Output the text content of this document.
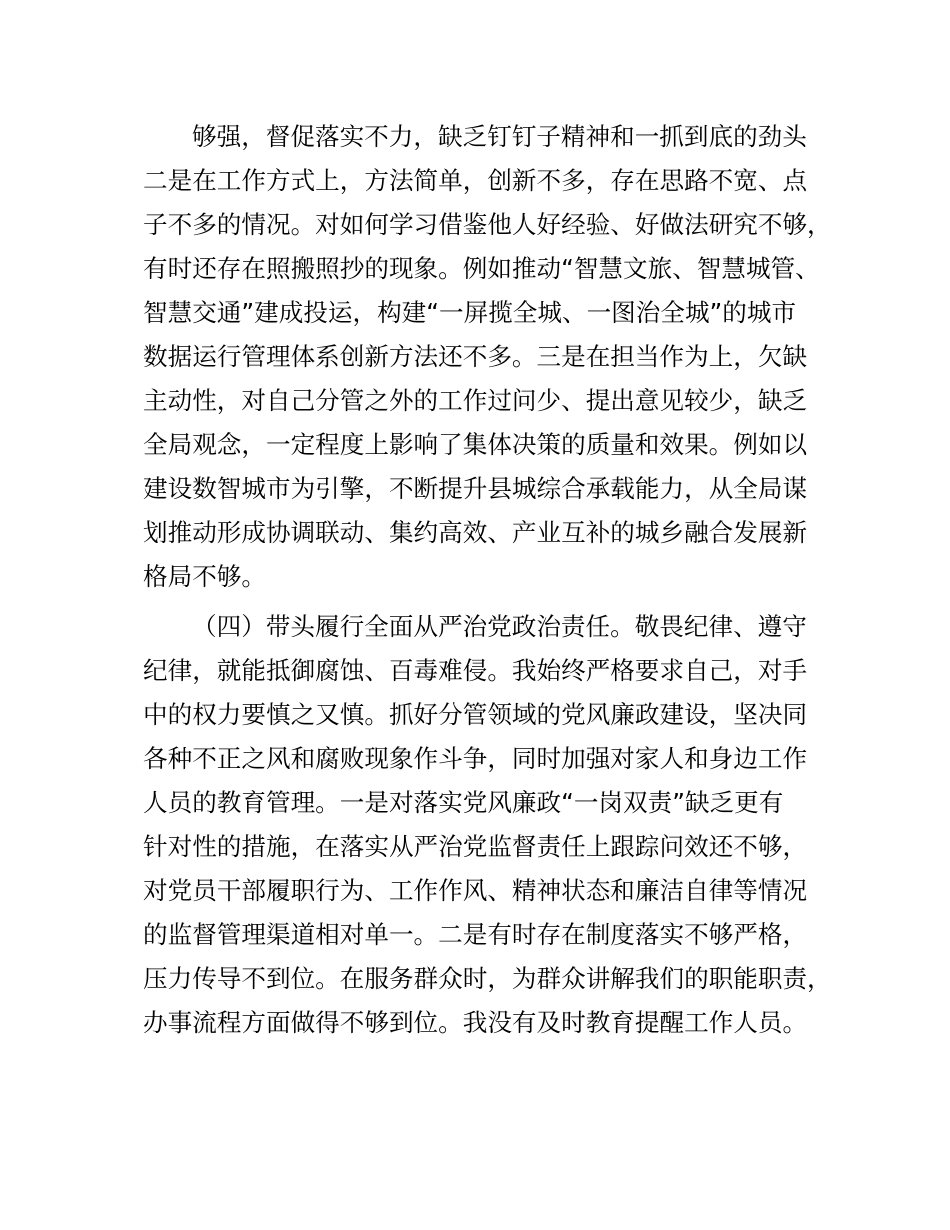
够强，督促落实不力，缺乏钉钉子精神和一抓到底的劲头
二是在工作方式上，方法简单，创新不多，存在思路不宽、点
子不多的情况。对如何学习借鉴他人好经验、好做法研究不够，
有时还存在照搬照抄的现象。例如推动“智慧文旅、智慧城管、
智慧交通”建成投运，构建“一屏揽全城、一图治全城”的城市
数据运行管理体系创新方法还不多。三是在担当作为上，欠缺
主动性，对自己分管之外的工作过问少、提出意见较少，缺乏
全局观念，一定程度上影响了集体决策的质量和效果。例如以
建设数智城市为引擎，不断提升县城综合承载能力，从全局谋
划推动形成协调联动、集约高效、产业互补的城乡融合发展新
格局不够。
（四）带头履行全面从严治党政治责任。敬畏纪律、遵守
纪律，就能抵御腐蚀、百毒难侵。我始终严格要求自己，对手
中的权力要慎之又慎。抓好分管领域的党风廉政建设，坚决同
各种不正之风和腐败现象作斗争，同时加强对家人和身边工作
人员的教育管理。一是对落实党风廉政“一岗双责”缺乏更有
针对性的措施，在落实从严治党监督责任上跟踪问效还不够，
对党员干部履职行为、工作作风、精神状态和廉洁自律等情况
的监督管理渠道相对单一。二是有时存在制度落实不够严格，
压力传导不到位。在服务群众时，为群众讲解我们的职能职责，
办事流程方面做得不够到位。我没有及时教育提醒工作人员。
